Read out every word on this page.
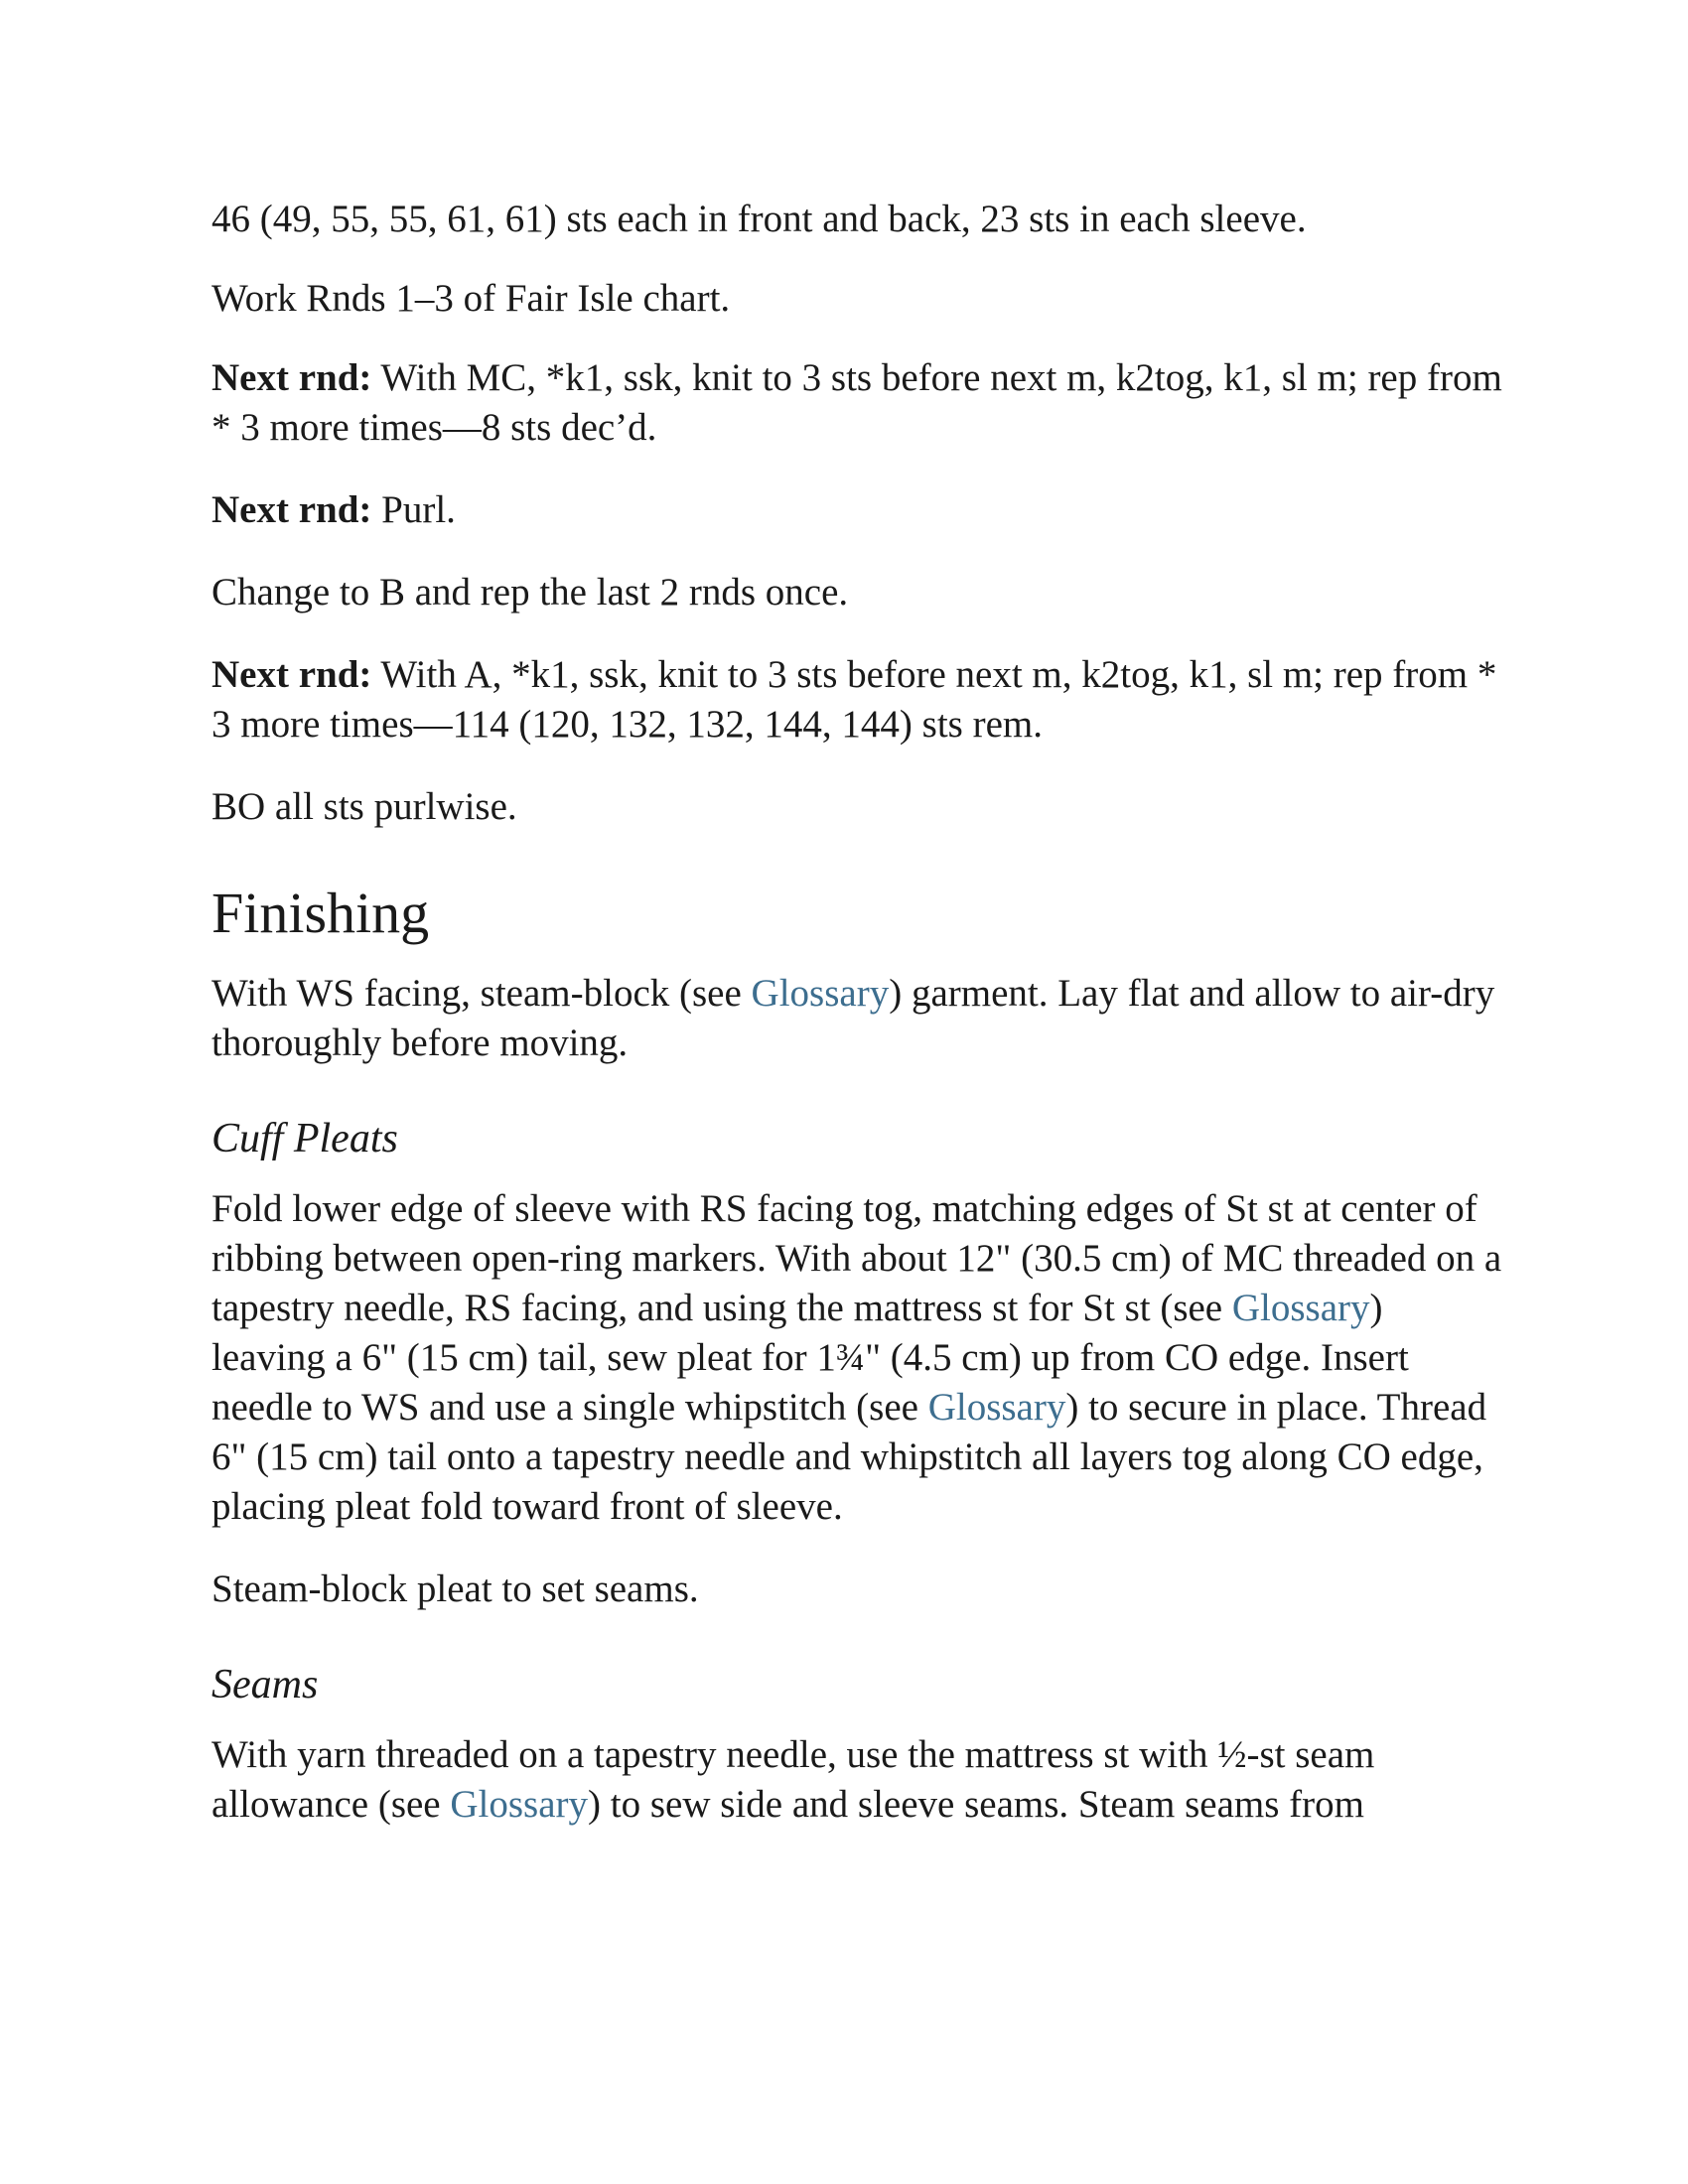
46 (49, 55, 55, 61, 61) sts each in front and back, 23 sts in each sleeve.

Work Rnds 1–3 of Fair Isle chart.

Next rnd: With MC, *k1, ssk, knit to 3 sts before next m, k2tog, k1, sl m; rep from * 3 more times—8 sts dec’d.

Next rnd: Purl.

Change to B and rep the last 2 rnds once.

Next rnd: With A, *k1, ssk, knit to 3 sts before next m, k2tog, k1, sl m; rep from * 3 more times—114 (120, 132, 132, 144, 144) sts rem.

BO all sts purlwise.

Finishing

With WS facing, steam-block (see Glossary) garment. Lay flat and allow to air-dry thoroughly before moving.

Cuff Pleats

Fold lower edge of sleeve with RS facing tog, matching edges of St st at center of ribbing between open-ring markers. With about 12" (30.5 cm) of MC threaded on a tapestry needle, RS facing, and using the mattress st for St st (see Glossary) leaving a 6" (15 cm) tail, sew pleat for 1¾" (4.5 cm) up from CO edge. Insert needle to WS and use a single whipstitch (see Glossary) to secure in place. Thread 6" (15 cm) tail onto a tapestry needle and whipstitch all layers tog along CO edge, placing pleat fold toward front of sleeve.

Steam-block pleat to set seams.

Seams

With yarn threaded on a tapestry needle, use the mattress st with ½-st seam allowance (see Glossary) to sew side and sleeve seams. Steam seams from
